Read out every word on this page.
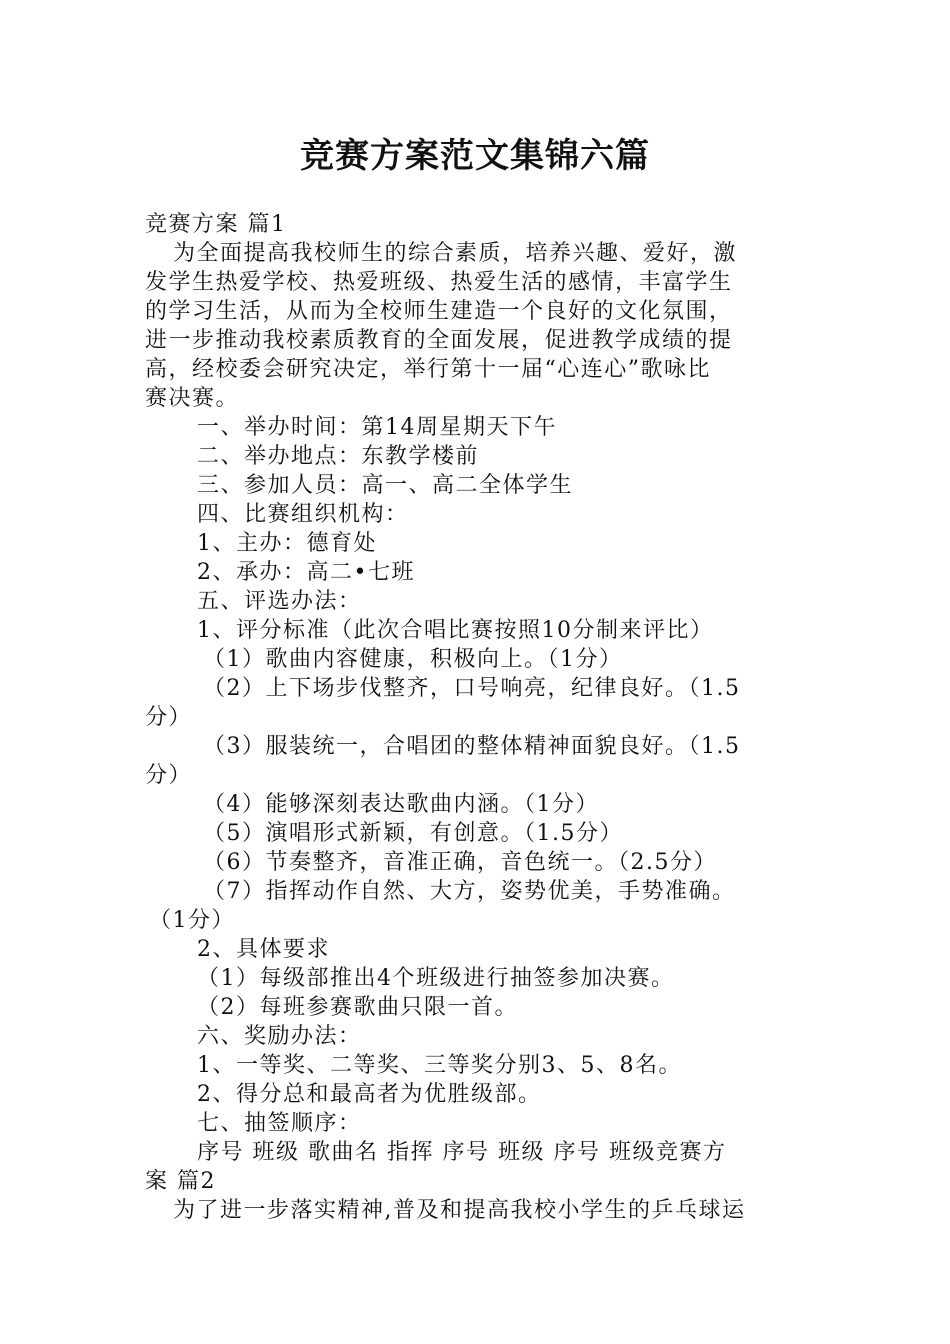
竞赛方案范文集锦六篇
竞赛方案 篇1
为全面提高我校师生的综合素质，培养兴趣、爱好，激
发学生热爱学校、热爱班级、热爱生活的感情，丰富学生
的学习生活，从而为全校师生建造一个良好的文化氛围，
进一步推动我校素质教育的全面发展，促进教学成绩的提
高，经校委会研究决定，举行第十一届“心连心”歌咏比
赛决赛。
一、举办时间：第14周星期天下午
二、举办地点：东教学楼前
三、参加人员：高一、高二全体学生
四、比赛组织机构：
1、主办：德育处
2、承办：高二•七班
五、评选办法：
1、评分标准（此次合唱比赛按照10分制来评比）
（1）歌曲内容健康，积极向上。（1分）
（2）上下场步伐整齐，口号响亮，纪律良好。（1.5
分）
（3）服装统一，合唱团的整体精神面貌良好。（1.5
分）
（4）能够深刻表达歌曲内涵。（1分）
（5）演唱形式新颖，有创意。（1.5分）
（6）节奏整齐，音准正确，音色统一。（2.5分）
（7）指挥动作自然、大方，姿势优美，手势准确。
（1分）
2、具体要求
（1）每级部推出4个班级进行抽签参加决赛。
（2）每班参赛歌曲只限一首。
六、奖励办法：
1、一等奖、二等奖、三等奖分别3、5、8名。
2、得分总和最高者为优胜级部。
七、抽签顺序：
序号 班级 歌曲名 指挥 序号 班级 序号 班级竞赛方
案 篇2
为了进一步落实精神,普及和提高我校小学生的乒乓球运
